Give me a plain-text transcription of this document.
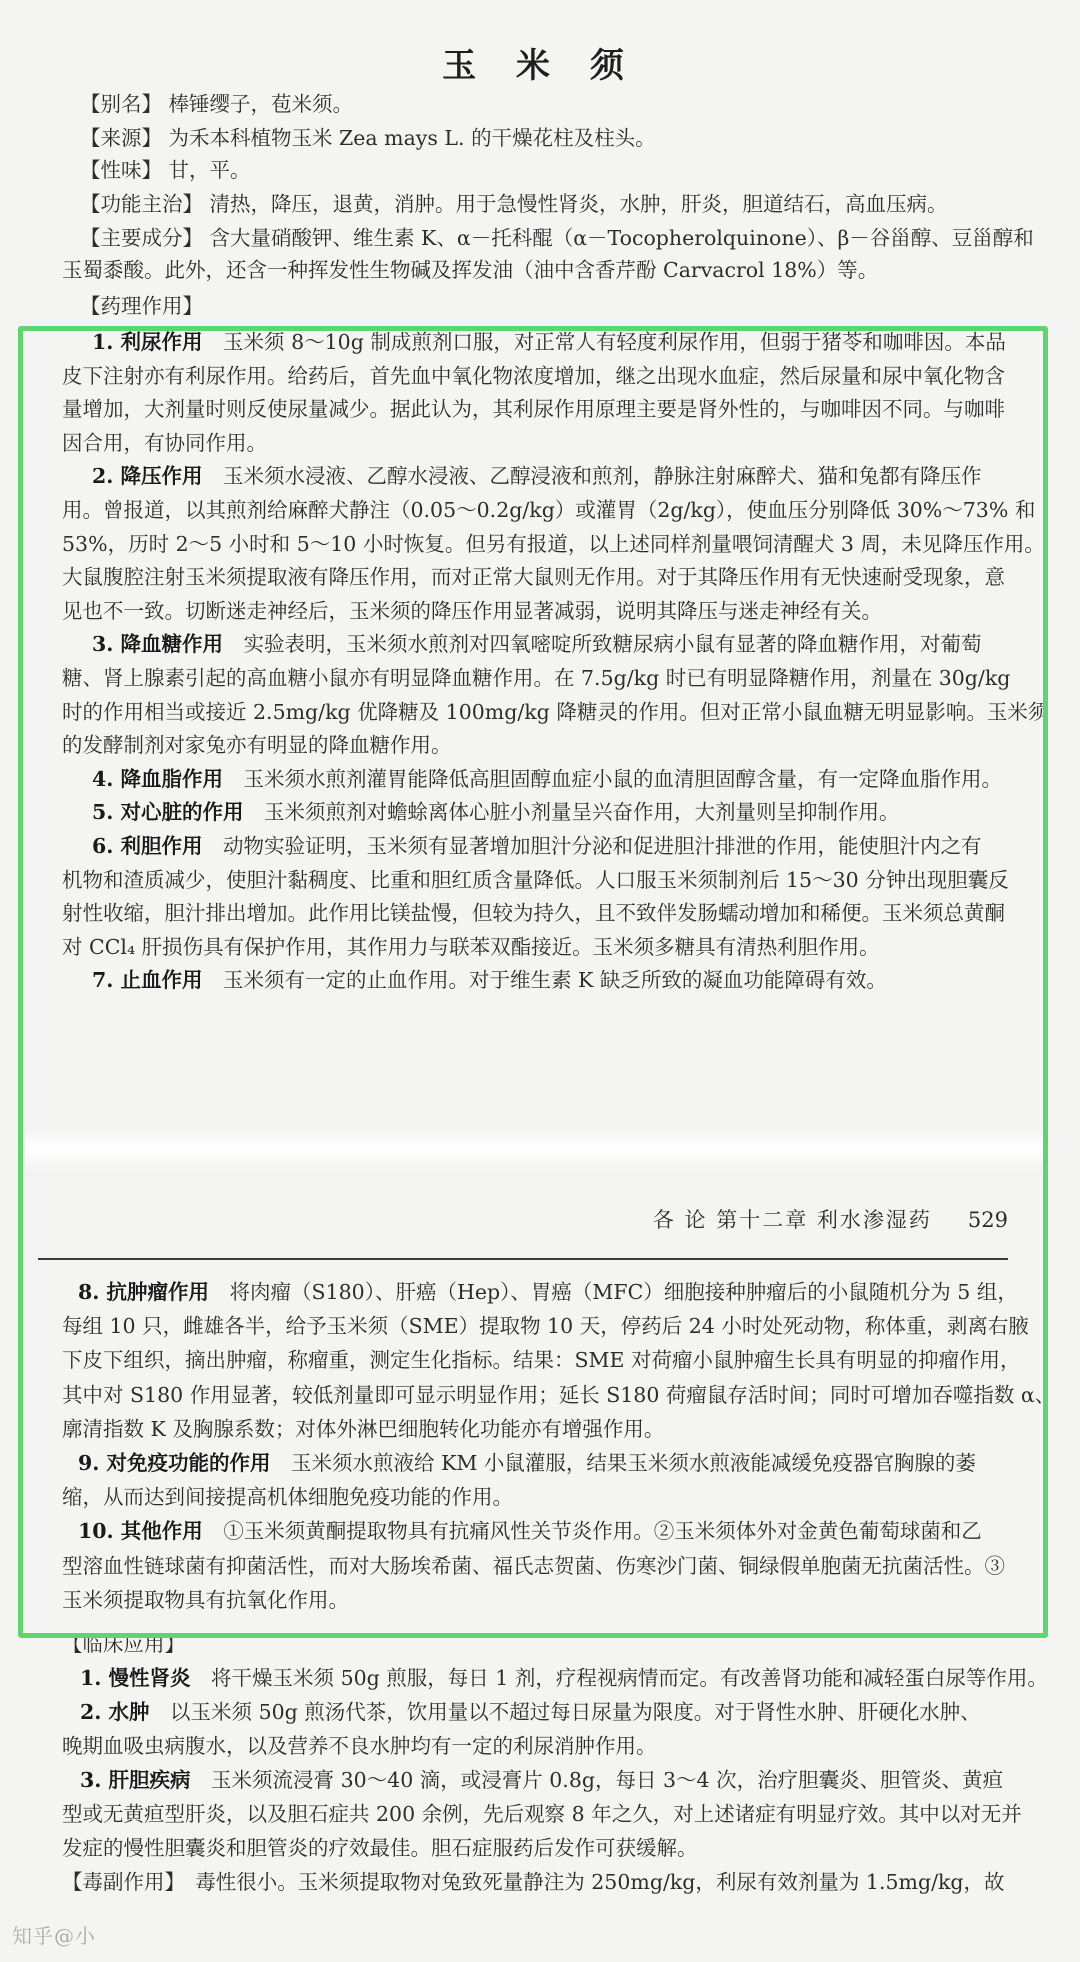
玉 米 须
【别名】 棒锤缨子，苞米须。
【来源】 为禾本科植物玉米 Zea mays L. 的干燥花柱及柱头。
【性味】 甘，平。
【功能主治】 清热，降压，退黄，消肿。用于急慢性肾炎，水肿，肝炎，胆道结石，高血压病。
【主要成分】 含大量硝酸钾、维生素 K、α－托科醌（α－Tocopherolquinone）、β－谷甾醇、豆甾醇和
玉蜀黍酸。此外，还含一种挥发性生物碱及挥发油（油中含香芹酚 Carvacrol 18%）等。
【药理作用】
1. 利尿作用　玉米须 8～10g 制成煎剂口服，对正常人有轻度利尿作用，但弱于猪苓和咖啡因。本品
皮下注射亦有利尿作用。给药后，首先血中氧化物浓度增加，继之出现水血症，然后尿量和尿中氧化物含
量增加，大剂量时则反使尿量减少。据此认为，其利尿作用原理主要是肾外性的，与咖啡因不同。与咖啡
因合用，有协同作用。
2. 降压作用　玉米须水浸液、乙醇水浸液、乙醇浸液和煎剂，静脉注射麻醉犬、猫和兔都有降压作
用。曾报道，以其煎剂给麻醉犬静注（0.05～0.2g/kg）或灌胃（2g/kg），使血压分别降低 30%～73% 和
53%，历时 2～5 小时和 5～10 小时恢复。但另有报道，以上述同样剂量喂饲清醒犬 3 周，未见降压作用。
大鼠腹腔注射玉米须提取液有降压作用，而对正常大鼠则无作用。对于其降压作用有无快速耐受现象，意
见也不一致。切断迷走神经后，玉米须的降压作用显著减弱，说明其降压与迷走神经有关。
3. 降血糖作用　实验表明，玉米须水煎剂对四氧嘧啶所致糖尿病小鼠有显著的降血糖作用，对葡萄
糖、肾上腺素引起的高血糖小鼠亦有明显降血糖作用。在 7.5g/kg 时已有明显降糖作用，剂量在 30g/kg
时的作用相当或接近 2.5mg/kg 优降糖及 100mg/kg 降糖灵的作用。但对正常小鼠血糖无明显影响。玉米须
的发酵制剂对家兔亦有明显的降血糖作用。
4. 降血脂作用　玉米须水煎剂灌胃能降低高胆固醇血症小鼠的血清胆固醇含量，有一定降血脂作用。
5. 对心脏的作用　玉米须煎剂对蟾蜍离体心脏小剂量呈兴奋作用，大剂量则呈抑制作用。
6. 利胆作用　动物实验证明，玉米须有显著增加胆汁分泌和促进胆汁排泄的作用，能使胆汁内之有
机物和渣质减少，使胆汁黏稠度、比重和胆红质含量降低。人口服玉米须制剂后 15～30 分钟出现胆囊反
射性收缩，胆汁排出增加。此作用比镁盐慢，但较为持久，且不致伴发肠蠕动增加和稀便。玉米须总黄酮
对 CCl₄ 肝损伤具有保护作用，其作用力与联苯双酯接近。玉米须多糖具有清热利胆作用。
7. 止血作用　玉米须有一定的止血作用。对于维生素 K 缺乏所致的凝血功能障碍有效。
8. 抗肿瘤作用　将肉瘤（S180）、肝癌（Hep）、胃癌（MFC）细胞接种肿瘤后的小鼠随机分为 5 组，
每组 10 只，雌雄各半，给予玉米须（SME）提取物 10 天，停药后 24 小时处死动物，称体重，剥离右腋
下皮下组织，摘出肿瘤，称瘤重，测定生化指标。结果：SME 对荷瘤小鼠肿瘤生长具有明显的抑瘤作用，
其中对 S180 作用显著，较低剂量即可显示明显作用；延长 S180 荷瘤鼠存活时间；同时可增加吞噬指数 α、
廓清指数 K 及胸腺系数；对体外淋巴细胞转化功能亦有增强作用。
9. 对免疫功能的作用　玉米须水煎液给 KM 小鼠灌服，结果玉米须水煎液能减缓免疫器官胸腺的萎
缩，从而达到间接提高机体细胞免疫功能的作用。
10. 其他作用　①玉米须黄酮提取物具有抗痛风性关节炎作用。②玉米须体外对金黄色葡萄球菌和乙
型溶血性链球菌有抑菌活性，而对大肠埃希菌、福氏志贺菌、伤寒沙门菌、铜绿假单胞菌无抗菌活性。③
玉米须提取物具有抗氧化作用。
【临床应用】
1. 慢性肾炎　将干燥玉米须 50g 煎服，每日 1 剂，疗程视病情而定。有改善肾功能和减轻蛋白尿等作用。
2. 水肿　以玉米须 50g 煎汤代茶，饮用量以不超过每日尿量为限度。对于肾性水肿、肝硬化水肿、
晚期血吸虫病腹水，以及营养不良水肿均有一定的利尿消肿作用。
3. 肝胆疾病　玉米须流浸膏 30～40 滴，或浸膏片 0.8g，每日 3～4 次，治疗胆囊炎、胆管炎、黄疸
型或无黄疸型肝炎，以及胆石症共 200 余例，先后观察 8 年之久，对上述诸症有明显疗效。其中以对无并
发症的慢性胆囊炎和胆管炎的疗效最佳。胆石症服药后发作可获缓解。
【毒副作用】　毒性很小。玉米须提取物对兔致死量静注为 250mg/kg，利尿有效剂量为 1.5mg/kg，故
各 论 第十二章 利水渗湿药 529
知乎@小
